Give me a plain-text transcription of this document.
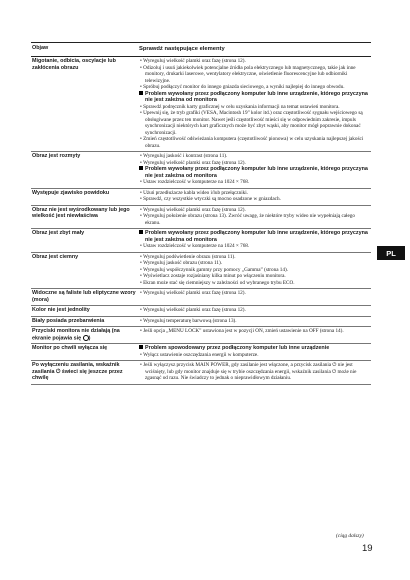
Objaw	Sprawdź następujące elementy
Migotanie, odbicia, oscylacje lub zakłócenia obrazu
• Wyreguluj wielkość plamki oraz fazę (strona 12).
• Odizoluj i usuń jakiekolwiek potencjalne źródła pola elektrycznego lub magnetycznego, takie jak inne monitory, drukarki laserowe, wentylatory elektryczne, oświetlenie fluorescencyjne lub odbiorniki telewizyjne.
• Spróbuj podłączyć monitor do innego gniazda sieciowego, a wyniki najlepiej do innego obwodu.
Problem wywołany przez podłączony komputer lub inne urządzenie, którego przyczyna nie jest zależna od monitora
• Sprawdź podręcznik karty graficznej w celu uzyskania informacji na temat ustawień monitora.
• Upewnij się, że tryb grafiki (VESA, Macintosh 19" kolor itd.) oraz częstotliwość sygnału wejściowego są obsługiwane przez ten monitor. Nawet jeśli częstotliwość mieści się w odpowiednim zakresie, impuls synchronizacji niektórych kart graficznych może być zbyt wąski, aby monitor mógł poprawnie dokonać synchronizacji.
• Zmień częstotliwość odświeżania komputera (częstotliwość pionowa) w celu uzyskania najlepszej jakości obrazu.
Obraz jest rozmyty	• Wyreguluj jaskość i kontrast (strona 11).
• Wyreguluj wielkość plamki oraz fazę (strona 12).
Problem wywołany przez podłączony komputer lub inne urządzenie, którego przyczyna nie jest zależna od monitora
• Ustaw rozdzielczość w komputerze na 1024 × 768.
Występuje zjawisko powidoku	• Użuń przedłużacze kabla wideo i/lub przełączniki.
• Sprawdź, czy wszystkie wtyczki są mocno osadzone w gniazdach.
Obraz nie jest wyśrodkowany lub jego wielkość jest niewłaściwa
• Wyreguluj wielkość plamki oraz fazę (strona 12).
• Wyreguluj położenie obrazu (strona 13). Zwróć uwagę, że niektóre tryby wideo nie wypełniają całego ekranu.
Obraz jest zbyt mały	Problem wywołany przez podłączony komputer lub inne urządzenie, którego przyczyna nie jest zależna od monitora
• Ustaw rozdzielczość w komputerze na 1024 × 768.
Obraz jest ciemny	• Wyreguluj podświetlenie obrazu (strona 11).
• Wyreguluj jaskość obrazu (strona 11).
• Wyreguluj współczynnik gammy przy pomocy „Gamma” (strona 14).
• Wyświetlacz zostaje rozjaśniany kilka minut po włączeniu monitora.
• Ekran może stać się ciemniejszy w zależności od wybranego trybu ECO.
Widoczne są faliste lub eliptyczne wzory (mora)
• Wyreguluj wielkość plamki oraz fazę (strona 12).
Kolor nie jest jednolity	• Wyreguluj wielkość plamki oraz fazę (strona 12).
Biały posiada przebarwienia	• Wyreguluj temperaturę barwową (strona 13).
Przyciski monitora nie działają (na ekranie pojawia się )
• Jeśli opcja „MENU LOCK” ustawiona jest w pozycji ON, zmień ustawienie na OFF (strona 14).
Monitor po chwili wyłącza się	Problem spowodowany przez podłączony komputer lub inne urządzenie
• Wyłącz ustawienie oszczędzania energii w komputerze.
Po wyłączeniu zasilania, wskaźnik zasilania ⏻ świeci się jeszcze przez chwilę
• Jeśli wyłączysz przycisk MAIN POWER, gdy zasilanie jest włączone, a przycisk zasilania ⏻ nie jest wciśnięty, lub gdy monitor znajduje się w trybie oszczędzania energii, wskaźnik zasilania ⏻ może nie zgasnąć od razu. Nie świadczy to jednak o nieprawidłowym działaniu.
PL
(ciąg dalszy)
19
